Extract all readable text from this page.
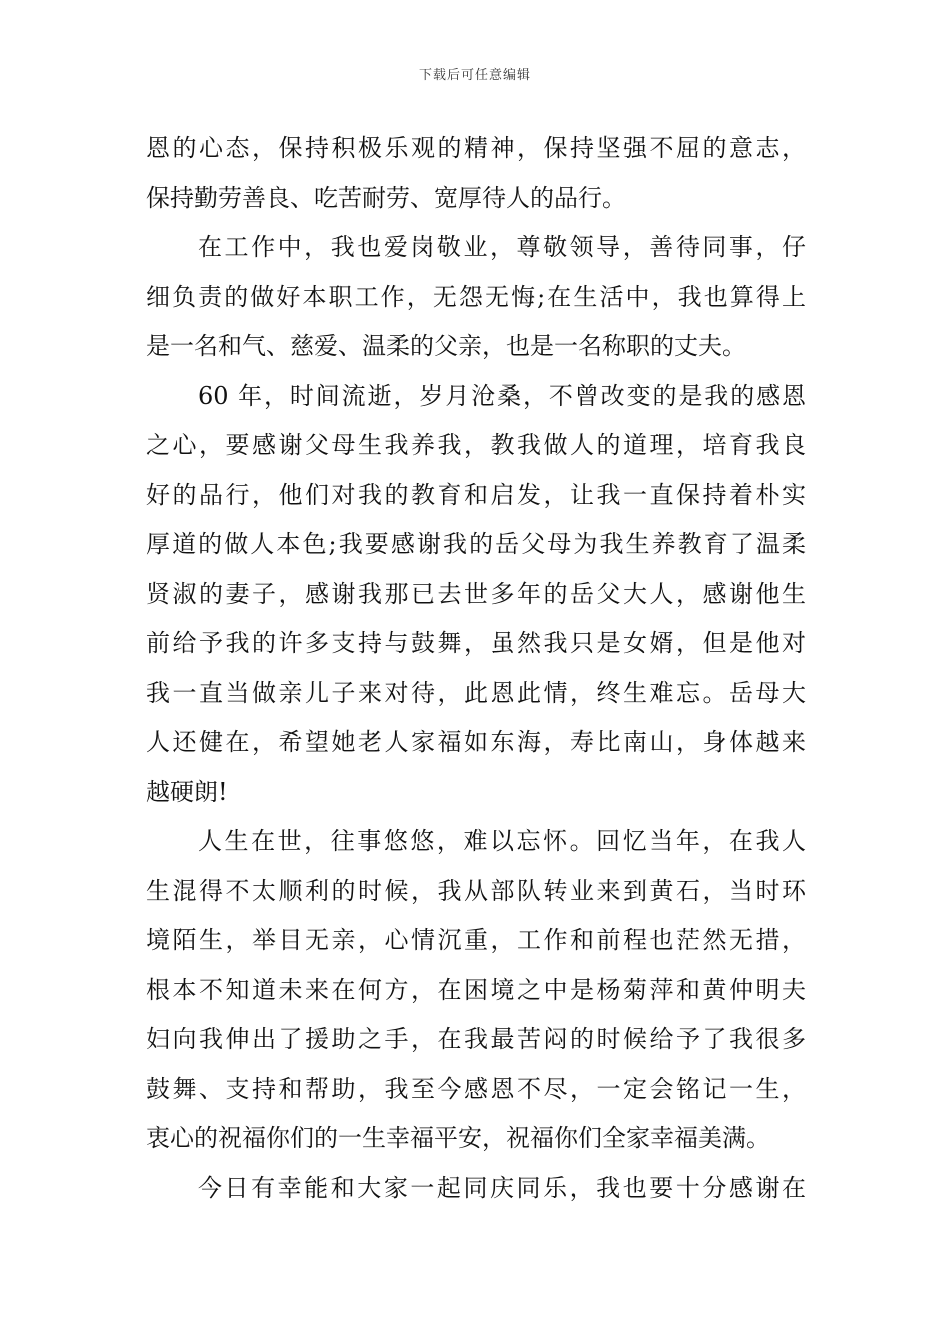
下载后可任意编辑
恩的心态，保持积极乐观的精神，保持坚强不屈的意志，
保持勤劳善良、吃苦耐劳、宽厚待人的品行。
在工作中，我也爱岗敬业，尊敬领导，善待同事，仔
细负责的做好本职工作，无怨无悔;在生活中，我也算得上
是一名和气、慈爱、温柔的父亲，也是一名称职的丈夫。
60 年，时间流逝，岁月沧桑，不曾改变的是我的感恩
之心，要感谢父母生我养我，教我做人的道理，培育我良
好的品行，他们对我的教育和启发，让我一直保持着朴实
厚道的做人本色;我要感谢我的岳父母为我生养教育了温柔
贤淑的妻子，感谢我那已去世多年的岳父大人，感谢他生
前给予我的许多支持与鼓舞，虽然我只是女婿，但是他对
我一直当做亲儿子来对待，此恩此情，终生难忘。岳母大
人还健在，希望她老人家福如东海，寿比南山，身体越来
越硬朗!
人生在世，往事悠悠，难以忘怀。回忆当年，在我人
生混得不太顺利的时候，我从部队转业来到黄石，当时环
境陌生，举目无亲，心情沉重，工作和前程也茫然无措，
根本不知道未来在何方，在困境之中是杨菊萍和黄仲明夫
妇向我伸出了援助之手，在我最苦闷的时候给予了我很多
鼓舞、支持和帮助，我至今感恩不尽，一定会铭记一生，
衷心的祝福你们的一生幸福平安，祝福你们全家幸福美满。
今日有幸能和大家一起同庆同乐，我也要十分感谢在
